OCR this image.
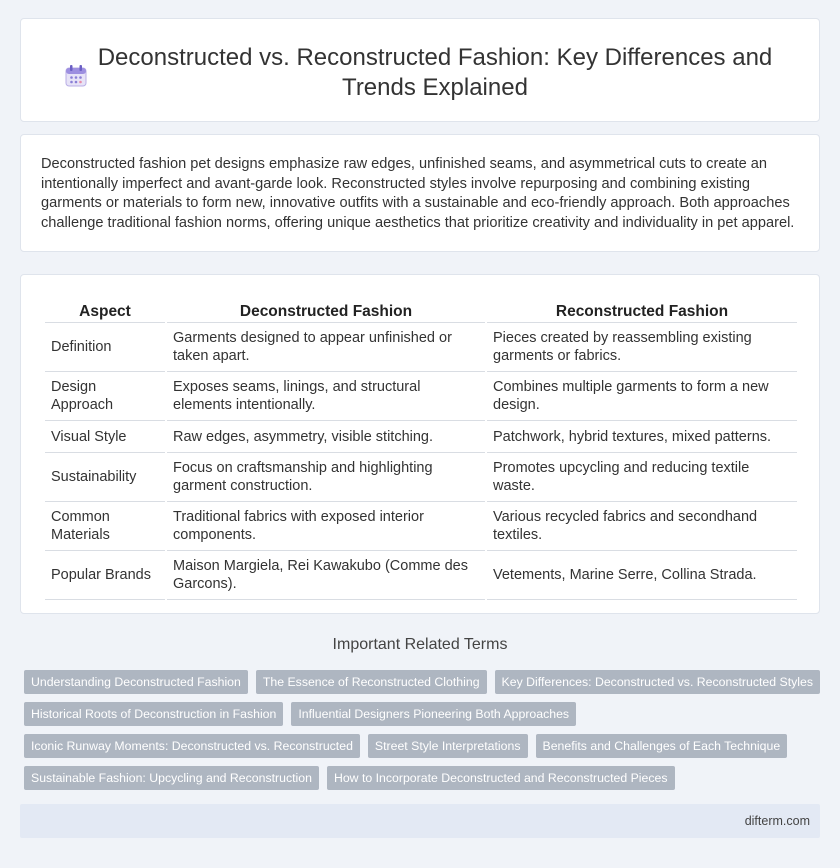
Deconstructed vs. Reconstructed Fashion: Key Differences and Trends Explained

Deconstructed fashion pet designs emphasize raw edges, unfinished seams, and asymmetrical cuts to create an intentionally imperfect and avant-garde look. Reconstructed styles involve repurposing and combining existing garments or materials to form new, innovative outfits with a sustainable and eco-friendly approach. Both approaches challenge traditional fashion norms, offering unique aesthetics that prioritize creativity and individuality in pet apparel.

Aspect	Deconstructed Fashion	Reconstructed Fashion
Definition	Garments designed to appear unfinished or taken apart.	Pieces created by reassembling existing garments or fabrics.
Design Approach	Exposes seams, linings, and structural elements intentionally.	Combines multiple garments to form a new design.
Visual Style	Raw edges, asymmetry, visible stitching.	Patchwork, hybrid textures, mixed patterns.
Sustainability	Focus on craftsmanship and highlighting garment construction.	Promotes upcycling and reducing textile waste.
Common Materials	Traditional fabrics with exposed interior components.	Various recycled fabrics and secondhand textiles.
Popular Brands	Maison Margiela, Rei Kawakubo (Comme des Garcons).	Vetements, Marine Serre, Collina Strada.
Important Related Terms
Understanding Deconstructed Fashion	The Essence of Reconstructed Clothing	Key Differences: Deconstructed vs. Reconstructed Styles
Historical Roots of Deconstruction in Fashion	Influential Designers Pioneering Both Approaches
Iconic Runway Moments: Deconstructed vs. Reconstructed	Street Style Interpretations	Benefits and Challenges of Each Technique
Sustainable Fashion: Upcycling and Reconstruction	How to Incorporate Deconstructed and Reconstructed Pieces
difterm.com
